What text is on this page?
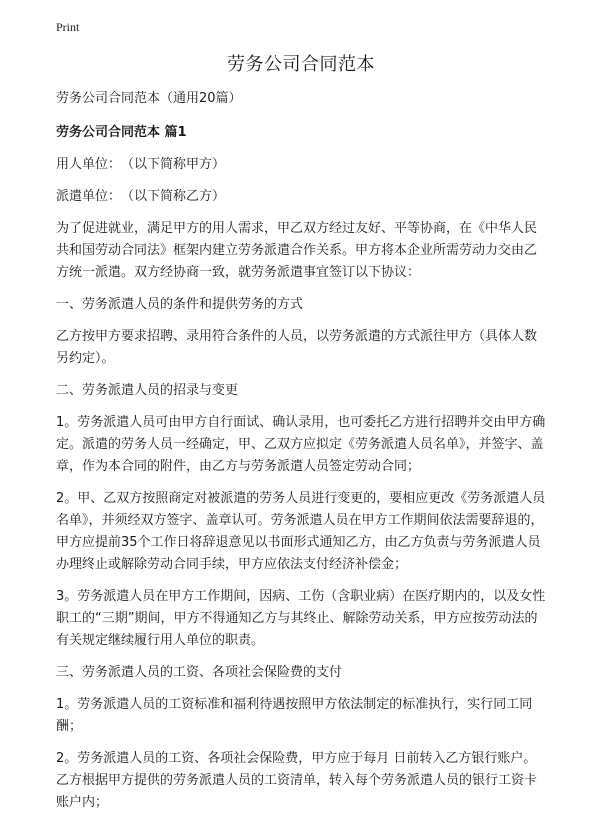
Print
劳务公司合同范本

劳务公司合同范本（通用20篇）

劳务公司合同范本 篇1

用人单位：　（以下简称甲方）

派遣单位：　（以下简称乙方）

为了促进就业，满足甲方的用人需求，甲乙双方经过友好、平等协商，在《中华人民共和国劳动合同法》框架内建立劳务派遣合作关系。甲方将本企业所需劳动力交由乙方统一派遣。双方经协商一致，就劳务派遣事宜签订以下协议：

一、劳务派遣人员的条件和提供劳务的方式

乙方按甲方要求招聘、录用符合条件的人员，以劳务派遣的方式派往甲方（具体人数另约定）。

二、劳务派遣人员的招录与变更

1。劳务派遣人员可由甲方自行面试、确认录用，也可委托乙方进行招聘并交由甲方确定。派遣的劳务人员一经确定，甲、乙双方应拟定《劳务派遣人员名单》，并签字、盖章，作为本合同的附件，由乙方与劳务派遣人员签定劳动合同；

2。甲、乙双方按照商定对被派遣的劳务人员进行变更的，要相应更改《劳务派遣人员名单》，并须经双方签字、盖章认可。劳务派遣人员在甲方工作期间依法需要辞退的，甲方应提前35个工作日将辞退意见以书面形式通知乙方，由乙方负责与劳务派遣人员办理终止或解除劳动合同手续，甲方应依法支付经济补偿金；

3。劳务派遣人员在甲方工作期间，因病、工伤（含职业病）在医疗期内的，以及女性职工的“三期”期间，甲方不得通知乙方与其终止、解除劳动关系，甲方应按劳动法的有关规定继续履行用人单位的职责。

三、劳务派遣人员的工资、各项社会保险费的支付

1。劳务派遣人员的工资标准和福利待遇按照甲方依法制定的标准执行，实行同工同酬；

2。劳务派遣人员的工资、各项社会保险费，甲方应于每月 日前转入乙方银行账户。乙方根据甲方提供的劳务派遣人员的工资清单，转入每个劳务派遣人员的银行工资卡账户内；
